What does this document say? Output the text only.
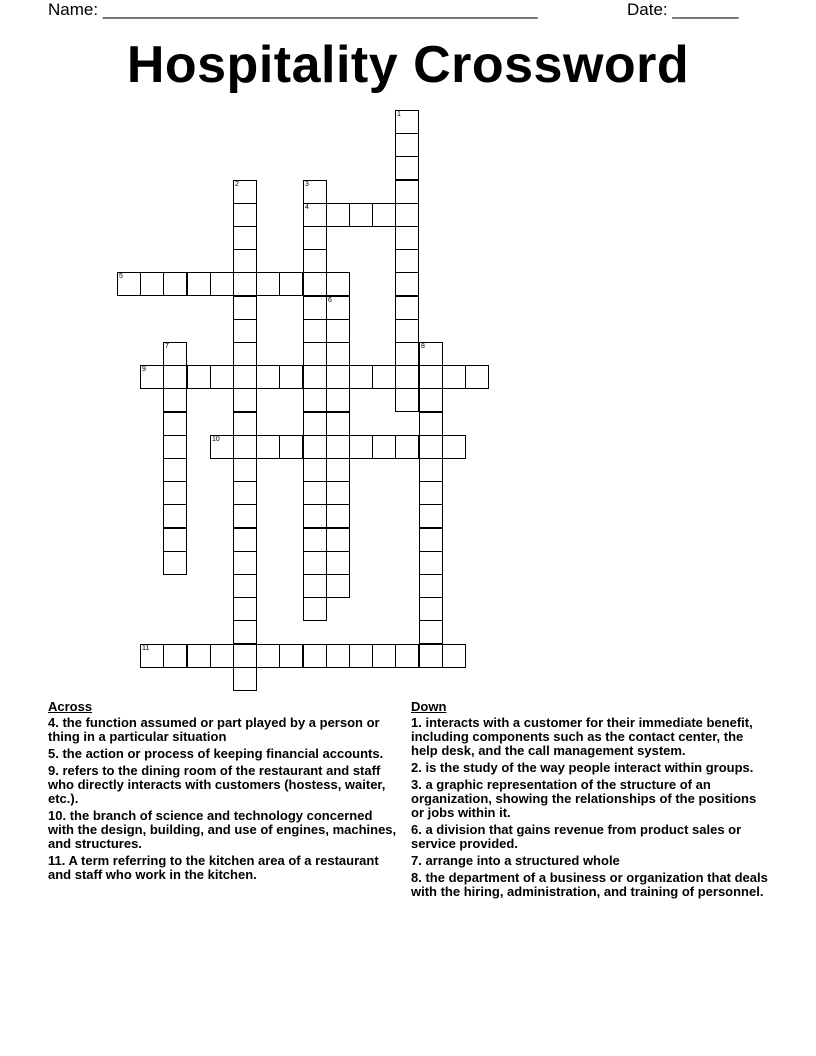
Name: ______________________________________________	Date: _______
Hospitality Crossword
1
2	3
4
5
6
7	8
9
10
11
Across
4. the function assumed or part played by a person or thing in a particular situation
5. the action or process of keeping financial accounts.
9. refers to the dining room of the restaurant and staff who directly interacts with customers (hostess, waiter, etc.).
10. the branch of science and technology concerned with the design, building, and use of engines, machines, and structures.
11. A term referring to the kitchen area of a restaurant and staff who work in the kitchen.
Down
1. interacts with a customer for their immediate benefit, including components such as the contact center, the help desk, and the call management system.
2. is the study of the way people interact within groups.
3. a graphic representation of the structure of an organization, showing the relationships of the positions or jobs within it.
6. a division that gains revenue from product sales or service provided.
7. arrange into a structured whole
8. the department of a business or organization that deals with the hiring, administration, and training of personnel.
